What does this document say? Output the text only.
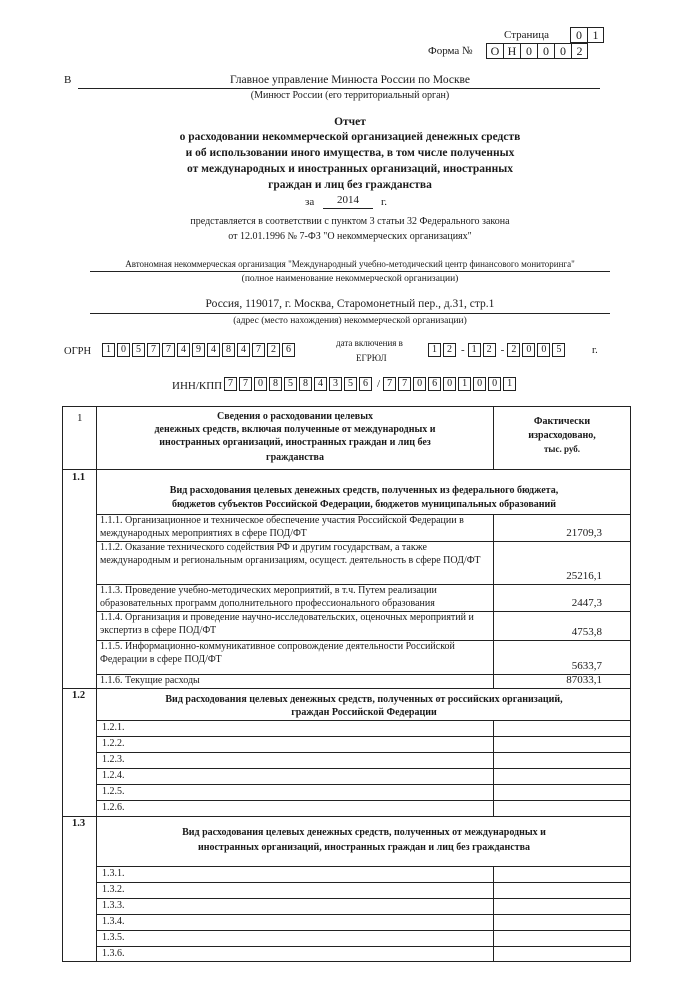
Страница	0 1
Форма №	О Н 0 0 0 2
В	Главное управление Минюста России по Москве
(Минюст России (его территориальный орган)
Отчет
о расходовании некоммерческой организацией денежных средств
и об использовании иного имущества, в том числе полученных
от международных и иностранных организаций, иностранных
граждан и лиц без гражданства
за	2014	г.
представляется в соответствии с пунктом 3 статьи 32 Федерального закона
от 12.01.1996 № 7-ФЗ "О некоммерческих организациях"
Автономная некоммерческая организация "Международный учебно-методический центр финансового мониторинга"
(полное наименование некоммерческой организации)
Россия, 119017, г. Москва, Старомонетный пер., д.31, стр.1
(адрес (место нахождения) некоммерческой организации)
ОГРН	1	0	5	7	7	4	9	4	8	4	7	2	6
дата включения в
ЕГРЮЛ
1	2 - 1	2 - 2	0	0	5	г.
ИНН/КПП 7	7	0	8	5	8	4	3	5	6 / 7	7	0	6	0	1	0	0	1
1	Сведения о расходовании целевых
денежных средств, включая полученные от международных и
иностранных организаций, иностранных граждан и лиц без
гражданства
Фактически
израсходовано,
тыс. руб.
1.1
Вид расходования целевых денежных средств, полученных из федерального бюджета,
бюджетов субъектов Российской Федерации, бюджетов муниципальных образований
1.1.1. Организационное и техническое обеспечение участия Российской Федерации в международных мероприятиях в сфере ПОД/ФТ	21709,3
1.1.2. Оказание технического содействия РФ и другим государствам, а также международным и региональным организациям, осущест. деятельность в сфере ПОД/ФТ
25216,1
1.1.3. Проведение учебно-методических мероприятий, в т.ч. Путем реализации образовательных программ дополнительного профессионального образования	2447,3
1.1.4. Организация и проведение научно-исследовательских, оценочных мероприятий и экспертиз в сфере ПОД/ФТ	4753,8
1.1.5. Информационно-коммуникативное сопровождение деятельности Российской Федерации в сфере ПОД/ФТ
5633,7
1.1.6. Текущие расходы	87033,1
1.2	Вид расходования целевых денежных средств, полученных от российских организаций,
граждан Российской Федерации
1.2.1.
1.2.2.
1.2.3.
1.2.4.
1.2.5.
1.2.6.
1.3
Вид расходования целевых денежных средств, полученных от международных и
иностранных организаций, иностранных граждан и лиц без гражданства
1.3.1.
1.3.2.
1.3.3.
1.3.4.
1.3.5.
1.3.6.
